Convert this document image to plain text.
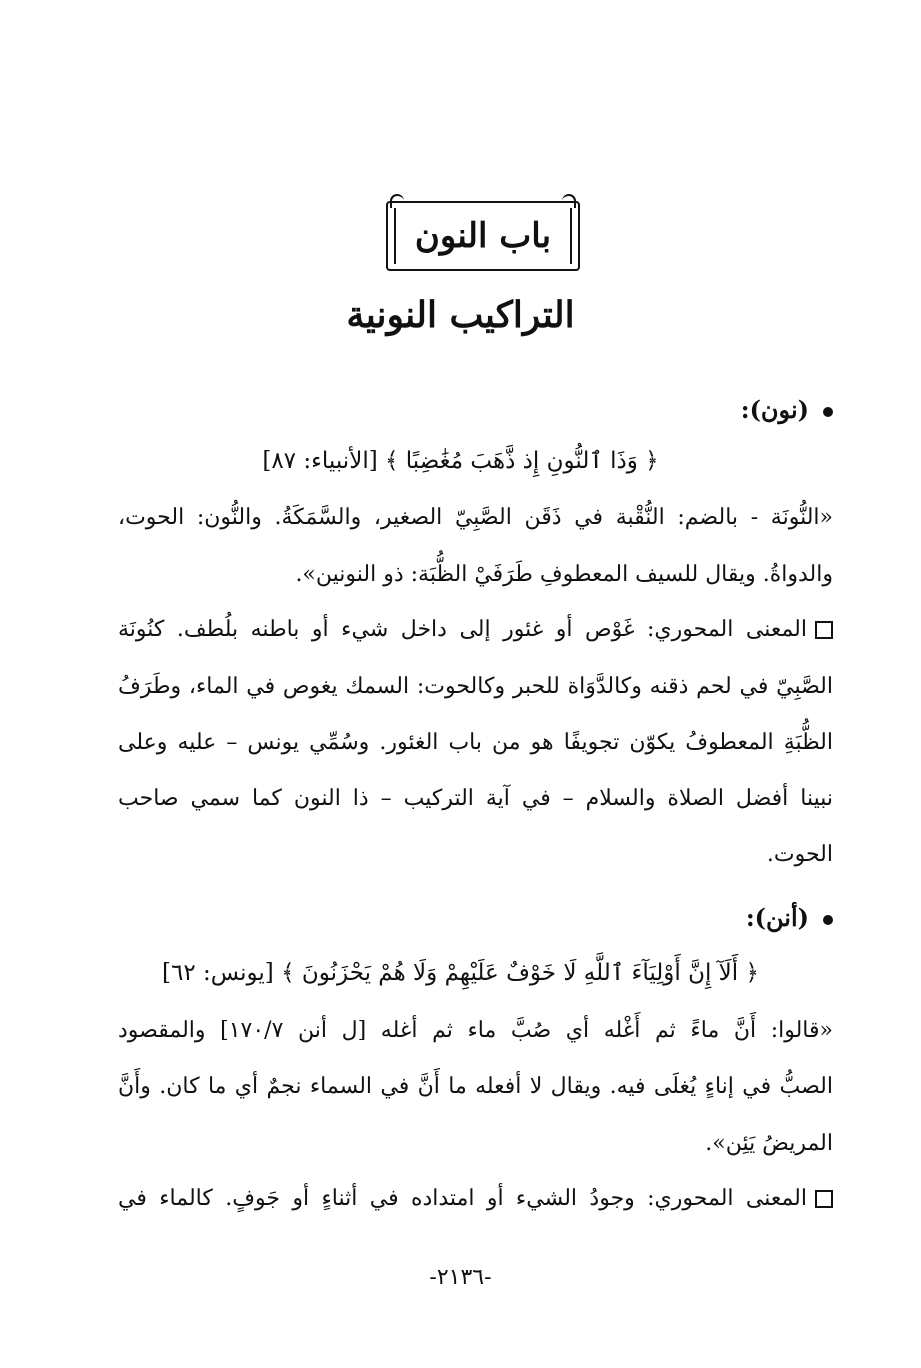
باب النون
التراكيب النونية
(نون):
﴿ وَذَا ٱلنُّونِ إِذ ذَّهَبَ مُغَٰضِبًا ﴾ [الأنبياء: ٨٧]
«النُّونَة - بالضم: النُّقْبة في ذَقَن الصَّبِيّ الصغير، والسَّمَكَةُ. والنُّون: الحوت،
والدواةُ. ويقال للسيف المعطوفِ طَرَفَيْ الظُّبَة: ذو النونين».
المعنى المحوري: غَوْص أو غئور إلى داخل شيء أو باطنه بلُطف. كنُونَة
الصَّبِيّ في لحم ذقنه وكالدَّوَاة للحبر وكالحوت: السمك يغوص في الماء، وطَرَفُ
الظُّبَةِ المعطوفُ يكوّن تجويفًا هو من باب الغئور. وسُمِّي يونس – عليه وعلى
نبينا أفضل الصلاة والسلام – في آية التركيب – ذا النون كما سمي صاحب
الحوت.
(أنن):
﴿ أَلَآ إِنَّ أَوْلِيَآءَ ٱللَّهِ لَا خَوْفٌ عَلَيْهِمْ وَلَا هُمْ يَحْزَنُونَ ﴾ [يونس: ٦٢]
«قالوا: أَنَّ ماءً ثم أَغْله أي صُبَّ ماء ثم أغله [ل أنن ١٧٠/٧] والمقصود
الصبُّ في إناءٍ يُغلَى فيه. ويقال لا أفعله ما أَنَّ في السماء نجمٌ أي ما كان. وأَنَّ
المريضُ يَئِن».
المعنى المحوري: وجودُ الشيء أو امتداده في أثناءٍ أو جَوفٍ. كالماء في
-٢١٣٦-
